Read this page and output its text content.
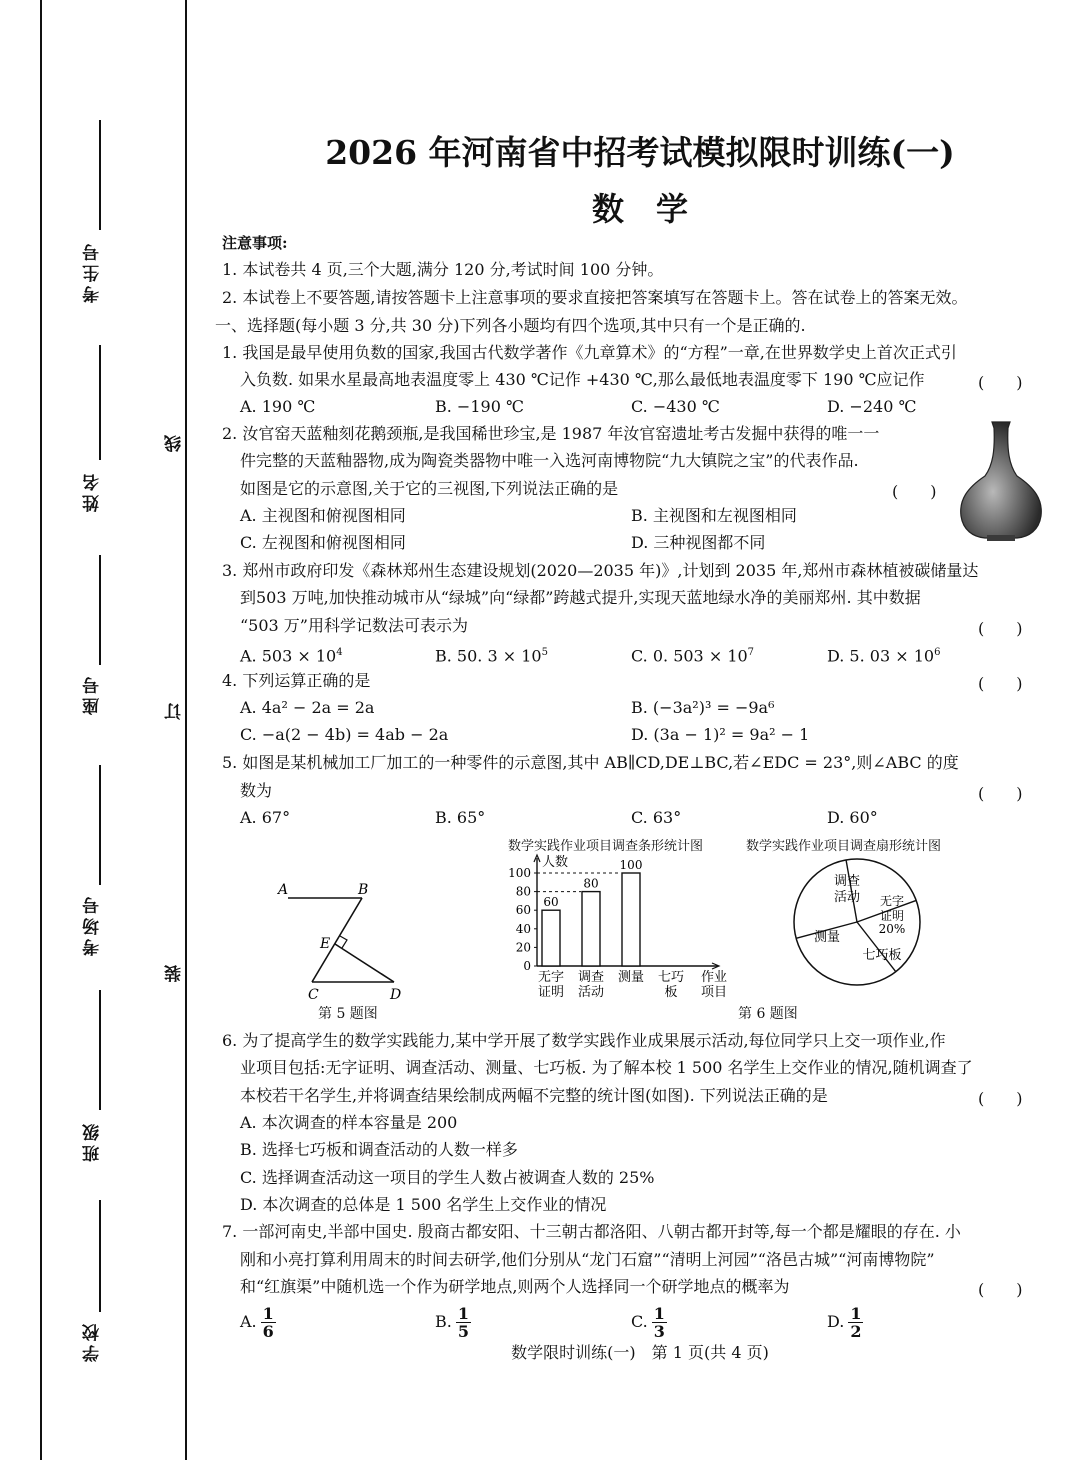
考生号
姓名
座号
考场号
班级
学校
线
订
装
2026 年河南省中招考试模拟限时训练(一)
数　学
注意事项:
1. 本试卷共 4 页,三个大题,满分 120 分,考试时间 100 分钟。
2. 本试卷上不要答题,请按答题卡上注意事项的要求直接把答案填写在答题卡上。答在试卷上的答案无效。
一、选择题(每小题 3 分,共 30 分)下列各小题均有四个选项,其中只有一个是正确的.
1. 我国是最早使用负数的国家,我国古代数学著作《九章算术》的“方程”一章,在世界数学史上首次正式引
入负数. 如果水星最高地表温度零上 430 ℃记作 +430 ℃,那么最低地表温度零下 190 ℃应记作	(　　)
A. 190 ℃	B. −190 ℃	C. −430 ℃	D. −240 ℃
2. 汝官窑天蓝釉刻花鹅颈瓶,是我国稀世珍宝,是 1987 年汝官窑遗址考古发掘中获得的唯一一
件完整的天蓝釉器物,成为陶瓷类器物中唯一入选河南博物院“九大镇院之宝”的代表作品.
如图是它的示意图,关于它的三视图,下列说法正确的是	(　　)
A. 主视图和俯视图相同	B. 主视图和左视图相同
C. 左视图和俯视图相同	D. 三种视图都不同
3. 郑州市政府印发《森林郑州生态建设规划(2020—2035 年)》,计划到 2035 年,郑州市森林植被碳储量达
到503 万吨,加快推动城市从“绿城”向“绿都”跨越式提升,实现天蓝地绿水净的美丽郑州. 其中数据
“503 万”用科学记数法可表示为	(　　)
A. $503 \times 10^4$	B. 50. $3 \times 10^5$	C. 0. $503 \times 10^7$	D. 5. $03 \times 10^6$
4. 下列运算正确的是	(　　)
A. 4a² − 2a = 2a	B. (−3a²)³ = −9a⁶
C. −a(2 − 4b) = 4ab − 2a	D. (3a − 1)² = 9a² − 1
5. 如图是某机械加工厂加工的一种零件的示意图,其中 AB∥CD,DE⊥BC,若∠EDC = 23°,则∠ABC 的度
数为	(　　)
A. 67°	B. 65°	C. 63°	D. 60°
A	B
E
C	D
第 5 题图
数学实践作业项目调查条形统计图	数学实践作业项目调查扇形统计图
人数
0
20
40
60
80
100
60
无字
证明
80
调查
活动
100
测量 七巧
板
作业
项目
调查
活动 无字
证明
20%
七巧板
测量
第 6 题图
6. 为了提高学生的数学实践能力,某中学开展了数学实践作业成果展示活动,每位同学只上交一项作业,作
业项目包括:无字证明、调查活动、测量、七巧板. 为了解本校 1 500 名学生上交作业的情况,随机调查了
本校若干名学生,并将调查结果绘制成两幅不完整的统计图(如图). 下列说法正确的是	(　　)
A. 本次调查的样本容量是 200
B. 选择七巧板和调查活动的人数一样多
C. 选择调查活动这一项目的学生人数占被调查人数的 25%
D. 本次调查的总体是 1 500 名学生上交作业的情况
7. 一部河南史,半部中国史. 殷商古都安阳、十三朝古都洛阳、八朝古都开封等,每一个都是耀眼的存在. 小
刚和小亮打算利用周末的时间去研学,他们分别从“龙门石窟”“清明上河园”“洛邑古城”“河南博物院”
和“红旗渠”中随机选一个作为研学地点,则两个人选择同一个研学地点的概率为	(　　)
A. $\frac{1}{6}$	B. $\frac{1}{5}$	C. $\frac{1}{3}$	D. $\frac{1}{2}$
数学限时训练(一)　第 1 页(共 4 页)
